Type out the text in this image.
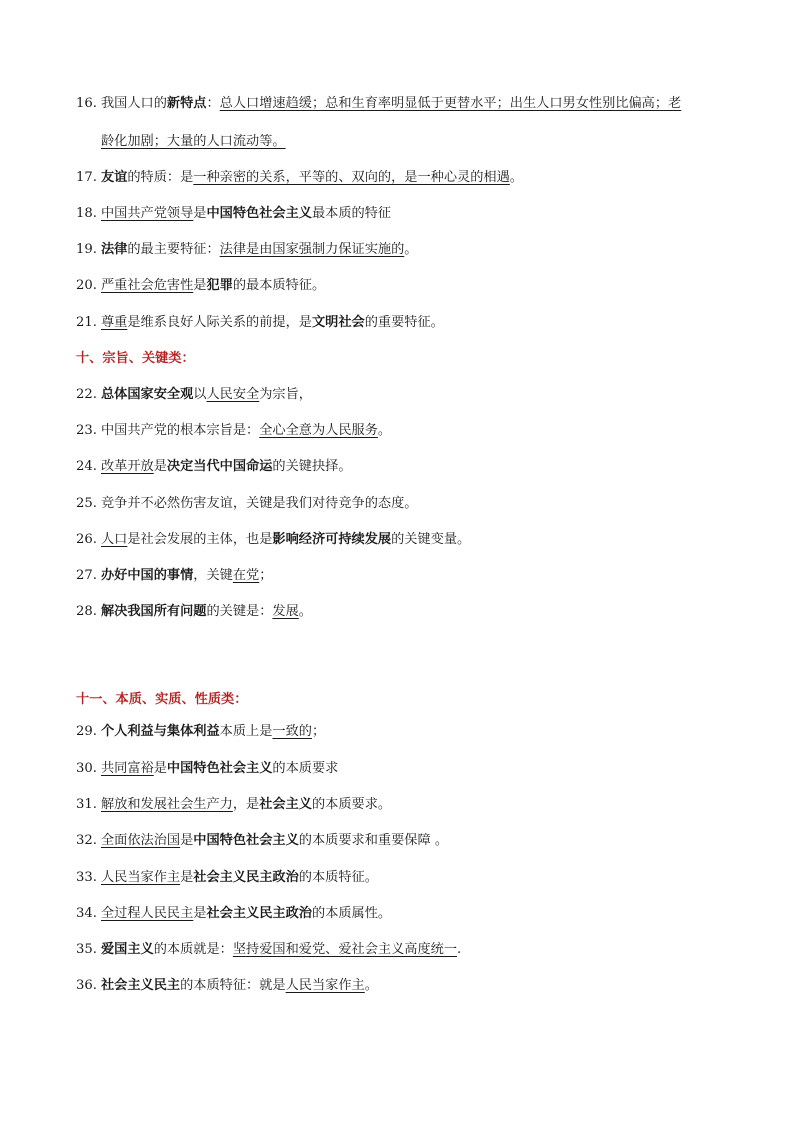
16. 我国人口的新特点：总人口增速趋缓；总和生育率明显低于更替水平；出生人口男女性别比偏高；老
龄化加剧；大量的人口流动等。
17. 友谊的特质：是一种亲密的关系，平等的、双向的，是一种心灵的相遇。
18. 中国共产党领导是中国特色社会主义最本质的特征
19. 法律的最主要特征：法律是由国家强制力保证实施的。
20. 严重社会危害性是犯罪的最本质特征。
21. 尊重是维系良好人际关系的前提，是文明社会的重要特征。
十、宗旨、关键类：
22. 总体国家安全观以人民安全为宗旨，
23. 中国共产党的根本宗旨是：全心全意为人民服务。
24. 改革开放是决定当代中国命运的关键抉择。
25. 竞争并不必然伤害友谊，关键是我们对待竞争的态度。
26. 人口是社会发展的主体，也是影响经济可持续发展的关键变量。
27. 办好中国的事情，关键在党；
28. 解决我国所有问题的关键是：发展。
十一、本质、实质、性质类：
29. 个人利益与集体利益本质上是一致的；
30. 共同富裕是中国特色社会主义的本质要求
31. 解放和发展社会生产力，是社会主义的本质要求。
32. 全面依法治国是中国特色社会主义的本质要求和重要保障 。
33. 人民当家作主是社会主义民主政治的本质特征。
34. 全过程人民民主是社会主义民主政治的本质属性。
35. 爱国主义的本质就是：坚持爱国和爱党、爱社会主义高度统一.
36. 社会主义民主的本质特征：就是人民当家作主。
